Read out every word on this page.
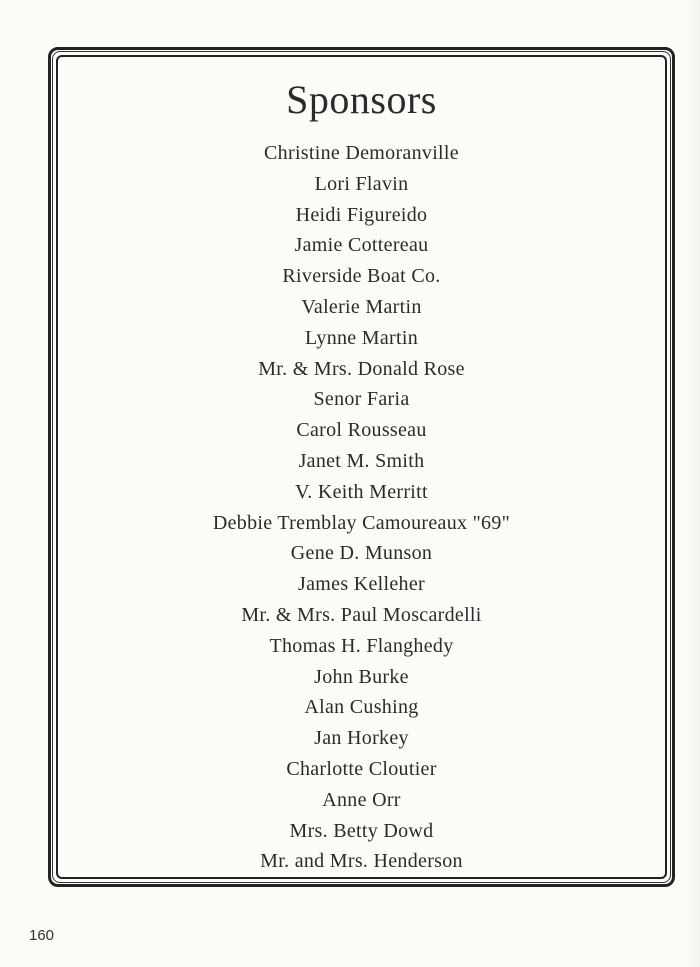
Sponsors
Christine Demoranville
Lori Flavin
Heidi Figureido
Jamie Cottereau
Riverside Boat Co.
Valerie Martin
Lynne Martin
Mr. & Mrs. Donald Rose
Senor Faria
Carol Rousseau
Janet M. Smith
V. Keith Merritt
Debbie Tremblay Camoureaux "69"
Gene D. Munson
James Kelleher
Mr. & Mrs. Paul Moscardelli
Thomas H. Flanghedy
John Burke
Alan Cushing
Jan Horkey
Charlotte Cloutier
Anne Orr
Mrs. Betty Dowd
Mr. and Mrs. Henderson
160
